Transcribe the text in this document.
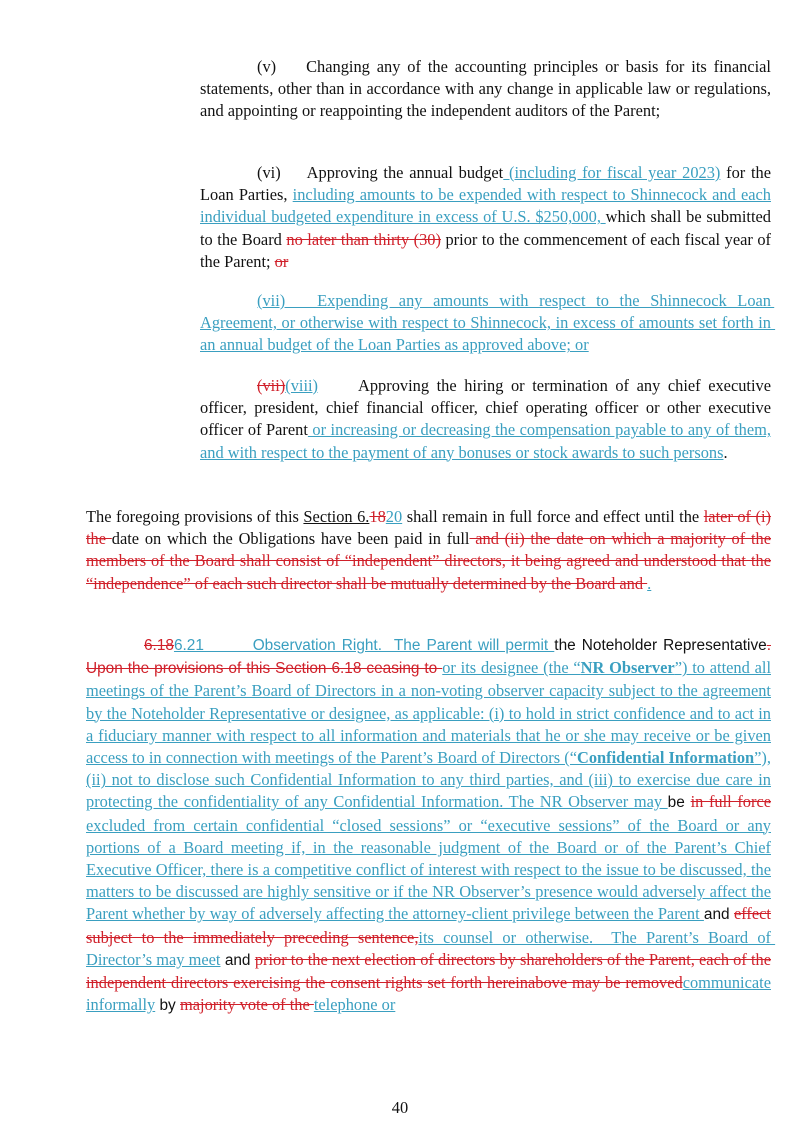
(v) Changing any of the accounting principles or basis for its financial statements, other than in accordance with any change in applicable law or regulations, and appointing or reappointing the independent auditors of the Parent;
(vi) Approving the annual budget (including for fiscal year 2023) for the Loan Parties, including amounts to be expended with respect to Shinnecock and each individual budgeted expenditure in excess of U.S. $250,000, which shall be submitted to the Board no later than thirty (30) prior to the commencement of each fiscal year of the Parent; or
(vii)   Expending any amounts with respect to the Shinnecock Loan Agreement, or otherwise with respect to Shinnecock, in excess of amounts set forth in an annual budget of the Loan Parties as approved above; or
(vii)(viii) Approving the hiring or termination of any chief executive officer, president, chief financial officer, chief operating officer or other executive officer of Parent or increasing or decreasing the compensation payable to any of them, and with respect to the payment of any bonuses or stock awards to such persons.
The foregoing provisions of this Section 6.1820 shall remain in full force and effect until the later of (i) the date on which the Obligations have been paid in full and (ii) the date on which a majority of the members of the Board shall consist of “independent” directors, it being agreed and understood that the “independence” of each such director shall be mutually determined by the Board and .
6.186.21        Observation Right.  The Parent will permit the Noteholder Representative. Upon the provisions of this Section 6.18 ceasing to or its designee (the “NR Observer”) to attend all meetings of the Parent’s Board of Directors in a non-voting observer capacity subject to the agreement by the Noteholder Representative or designee, as applicable: (i) to hold in strict confidence and to act in a fiduciary manner with respect to all information and materials that he or she may receive or be given access to in connection with meetings of the Parent’s Board of Directors (“Confidential Information”), (ii) not to disclose such Confidential Information to any third parties, and (iii) to exercise due care in protecting the confidentiality of any Confidential Information. The NR Observer may be in full force excluded from certain confidential “closed sessions” or “executive sessions” of the Board or any portions of a Board meeting if, in the reasonable judgment of the Board or of the Parent’s Chief Executive Officer, there is a competitive conflict of interest with respect to the issue to be discussed, the matters to be discussed are highly sensitive or if the NR Observer’s presence would adversely affect the Parent whether by way of adversely affecting the attorney-client privilege between the Parent and effect subject to the immediately preceding sentence,its counsel or otherwise.  The Parent’s Board of Director’s may meet and prior to the next election of directors by shareholders of the Parent, each of the independent directors exercising the consent rights set forth hereinabove may be removedcommunicate informally by majority vote of the telephone or
40
